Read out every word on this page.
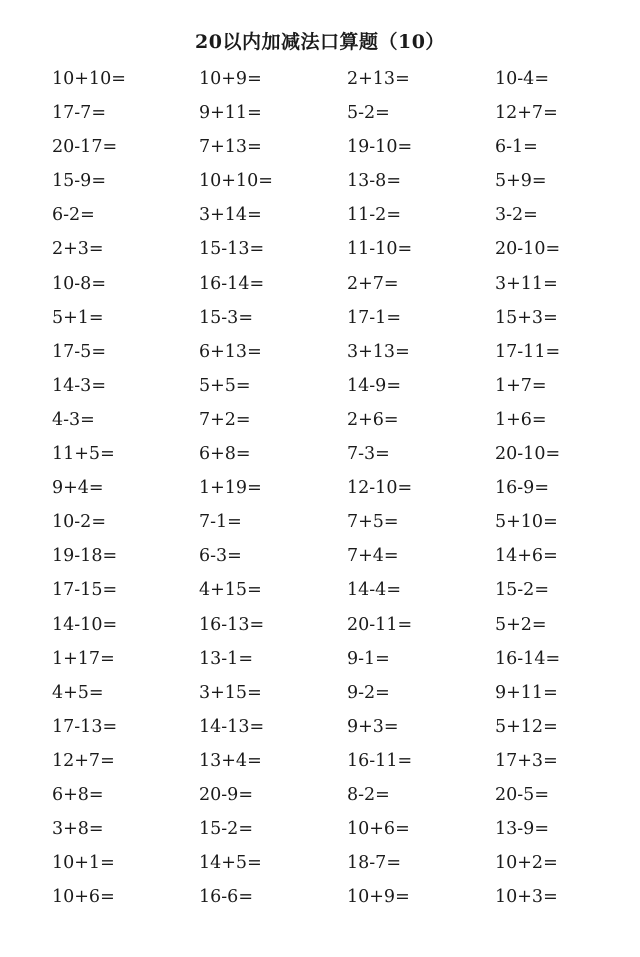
20以内加减法口算题（10）
10+10=	10+9=	2+13=	10-4=
17-7=	9+11=	5-2=	12+7=
20-17=	7+13=	19-10=	6-1=
15-9=	10+10=	13-8=	5+9=
6-2=	3+14=	11-2=	3-2=
2+3=	15-13=	11-10=	20-10=
10-8=	16-14=	2+7=	3+11=
5+1=	15-3=	17-1=	15+3=
17-5=	6+13=	3+13=	17-11=
14-3=	5+5=	14-9=	1+7=
4-3=	7+2=	2+6=	1+6=
11+5=	6+8=	7-3=	20-10=
9+4=	1+19=	12-10=	16-9=
10-2=	7-1=	7+5=	5+10=
19-18=	6-3=	7+4=	14+6=
17-15=	4+15=	14-4=	15-2=
14-10=	16-13=	20-11=	5+2=
1+17=	13-1=	9-1=	16-14=
4+5=	3+15=	9-2=	9+11=
17-13=	14-13=	9+3=	5+12=
12+7=	13+4=	16-11=	17+3=
6+8=	20-9=	8-2=	20-5=
3+8=	15-2=	10+6=	13-9=
10+1=	14+5=	18-7=	10+2=
10+6=	16-6=	10+9=	10+3=
